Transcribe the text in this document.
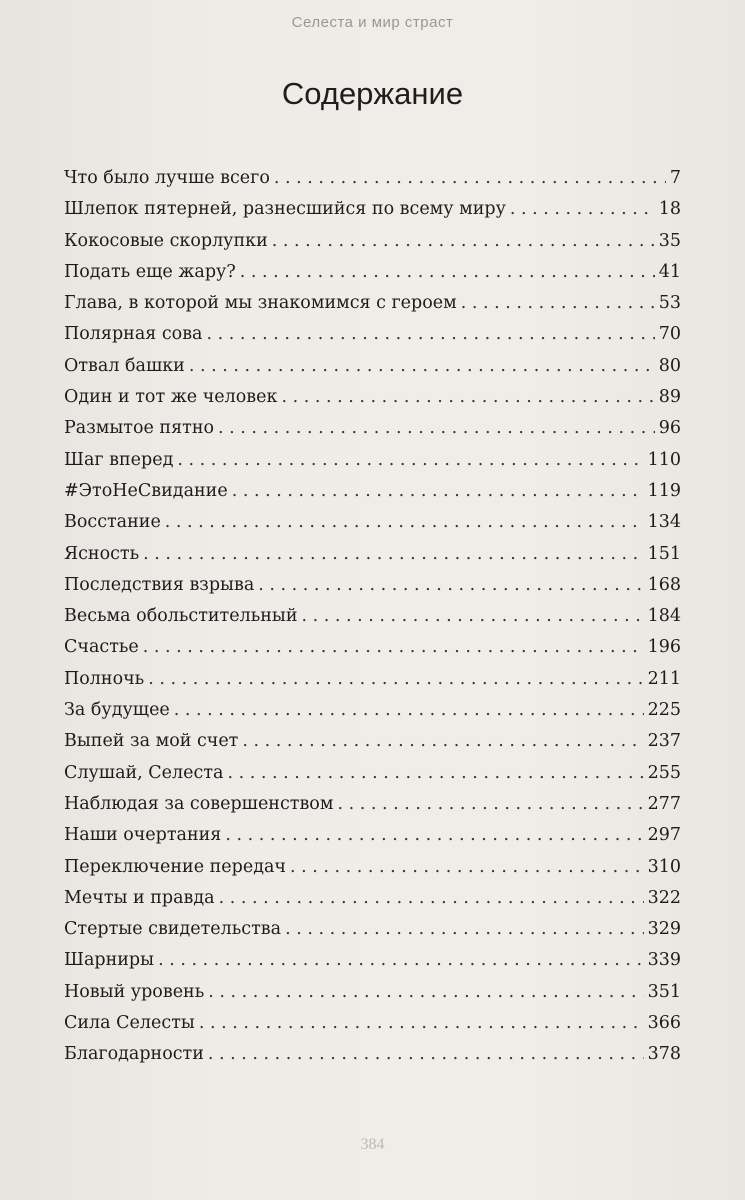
Селеста и мир страст
Содержание
Что было лучше всего . . .	7
Шлепок пятерней, разнесшийся по всему миру . . .	18
Кокосовые скорлупки . . .	35
Подать еще жару? . . .	41
Глава, в которой мы знакомимся с героем . . .	53
Полярная сова . . .	70
Отвал башки . . .	80
Один и тот же человек . . .	89
Размытое пятно . . .	96
Шаг вперед . . .	110
#ЭтоНеСвидание . . .	119
Восстание . . .	134
Ясность . . .	151
Последствия взрыва . . .	168
Весьма обольстительный . . .	184
Счастье . . .	196
Полночь . . .	211
За будущее . . .	225
Выпей за мой счет . . .	237
Слушай, Селеста . . .	255
Наблюдая за совершенством . . .	277
Наши очертания . . .	297
Переключение передач . . .	310
Мечты и правда . . .	322
Стертые свидетельства . . .	329
Шарниры . . .	339
Новый уровень . . .	351
Сила Селесты . . .	366
Благодарности . . .	378
384
